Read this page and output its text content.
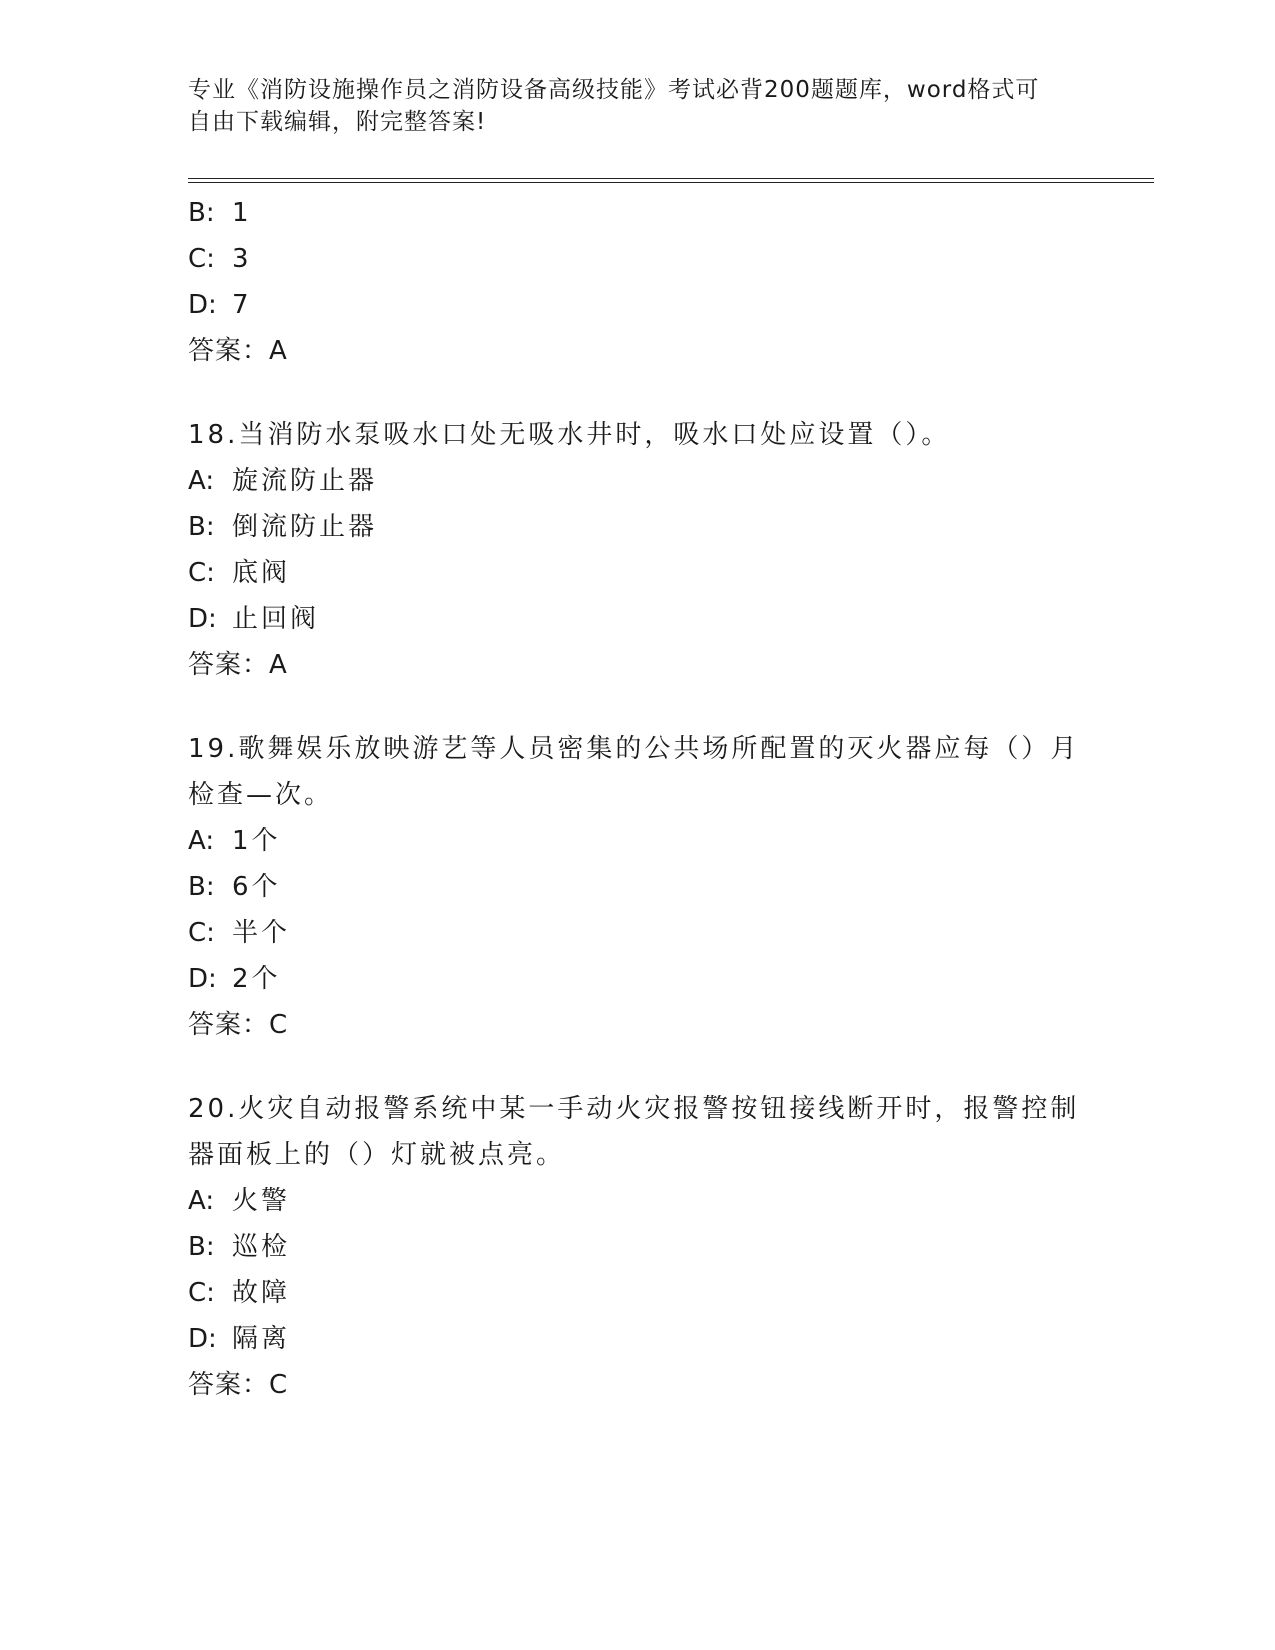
专业《消防设施操作员之消防设备高级技能》考试必背200题题库，word格式可
自由下载编辑，附完整答案!
B: 1
C: 3
D: 7
答案：A
18.当消防水泵吸水口处无吸水井时，吸水口处应设置（）。
A: 旋流防止器
B: 倒流防止器
C: 底阀
D: 止回阀
答案：A
19.歌舞娱乐放映游艺等人员密集的公共场所配置的灭火器应每（）月
检查—次。
A: 1个
B: 6个
C: 半个
D: 2个
答案：C
20.火灾自动报警系统中某一手动火灾报警按钮接线断开时，报警控制
器面板上的（）灯就被点亮。
A: 火警
B: 巡检
C: 故障
D: 隔离
答案：C
